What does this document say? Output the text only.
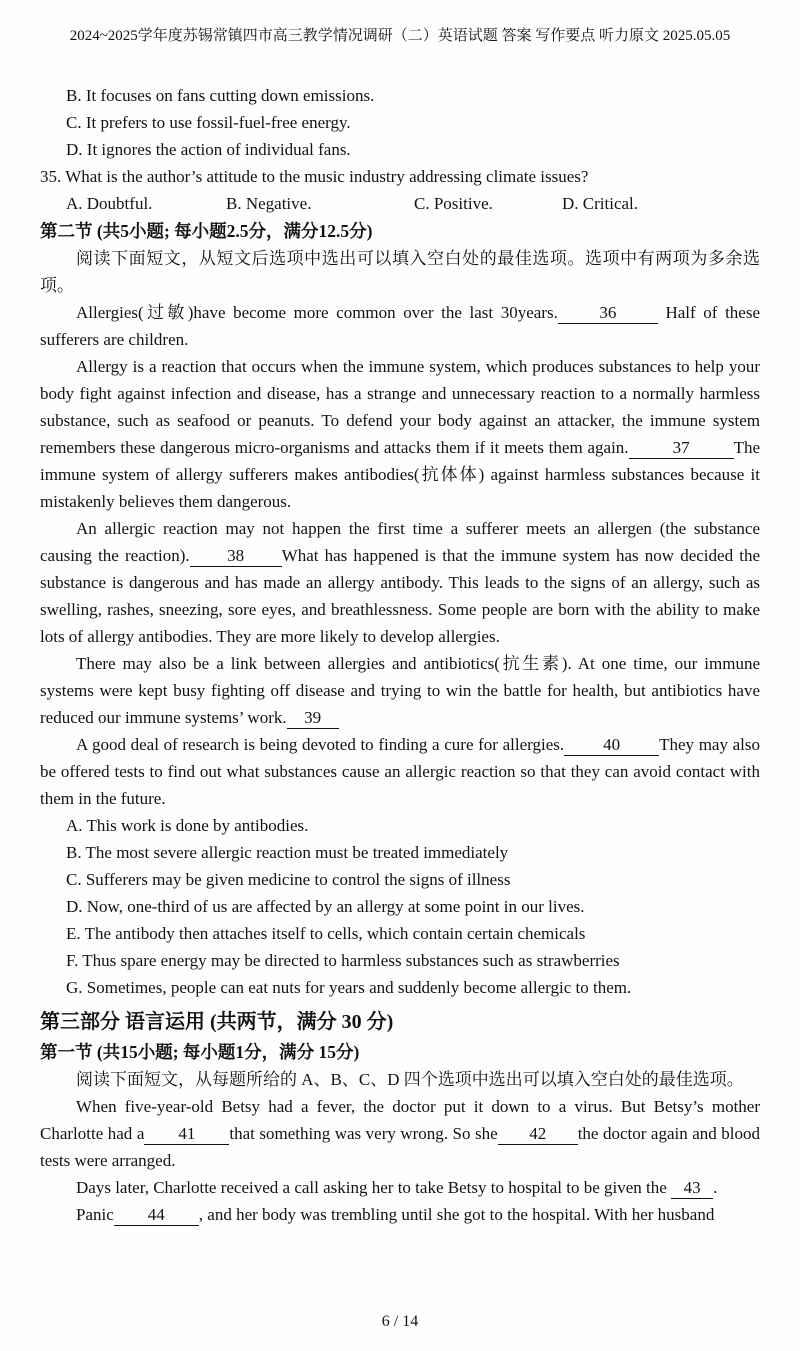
2024~2025学年度苏锡常镇四市高三教学情况调研（二）英语试题 答案 写作要点 听力原文 2025.05.05
B. It focuses on fans cutting down emissions.
C. It prefers to use fossil-fuel-free energy.
D. It ignores the action of individual fans.
35. What is the author’s attitude to the music industry addressing climate issues?
A. Doubtful.	B. Negative.	C. Positive.	D. Critical.
第二节 (共5小题; 每小题2.5分，满分12.5分)
阅读下面短文，从短文后选项中选出可以填入空白处的最佳选项。选项中有两项为多余选项。
Allergies(过敏)have become more common over the last 30years. 36 Half of these sufferers are children.
Allergy is a reaction that occurs when the immune system, which produces substances to help your body fight against infection and disease, has a strange and unnecessary reaction to a normally harmless substance, such as seafood or peanuts. To defend your body against an attacker, the immune system remembers these dangerous micro-organisms and attacks them if it meets them again.	37	The immune system of allergy sufferers makes antibodies(抗体体) against harmless substances because it mistakenly believes them dangerous.
An allergic reaction may not happen the first time a sufferer meets an allergen (the substance causing the reaction). 38 What has happened is that the immune system has now decided the substance is dangerous and has made an allergy antibody. This leads to the signs of an allergy, such as swelling, rashes, sneezing, sore eyes, and breathlessness. Some people are born with the ability to make lots of allergy antibodies. They are more likely to develop allergies.
There may also be a link between allergies and antibiotics(抗生素). At one time, our immune systems were kept busy fighting off disease and trying to win the battle for health, but antibiotics have reduced our immune systems’ work. 39
A good deal of research is being devoted to finding a cure for allergies. 40 They may also be offered tests to find out what substances cause an allergic reaction so that they can avoid contact with them in the future.
A. This work is done by antibodies.
B. The most severe allergic reaction must be treated immediately
C. Sufferers may be given medicine to control the signs of illness
D. Now, one-third of us are affected by an allergy at some point in our lives.
E. The antibody then attaches itself to cells, which contain certain chemicals
F. Thus spare energy may be directed to harmless substances such as strawberries
G. Sometimes, people can eat nuts for years and suddenly become allergic to them.
第三部分 语言运用 (共两节，满分 30 分)
第一节 (共15小题; 每小题1分，满分 15分)
阅读下面短文，从每题所给的 A、B、C、D 四个选项中选出可以填入空白处的最佳选项。
When five-year-old Betsy had a fever, the doctor put it down to a virus. But Betsy’s mother Charlotte had a 41 that something was very wrong. So she 42 the doctor again and blood tests were arranged.
Days later, Charlotte received a call asking her to take Betsy to hospital to be given the 43 .
Panic 44 , and her body was trembling until she got to the hospital. With her husband
6 / 14
